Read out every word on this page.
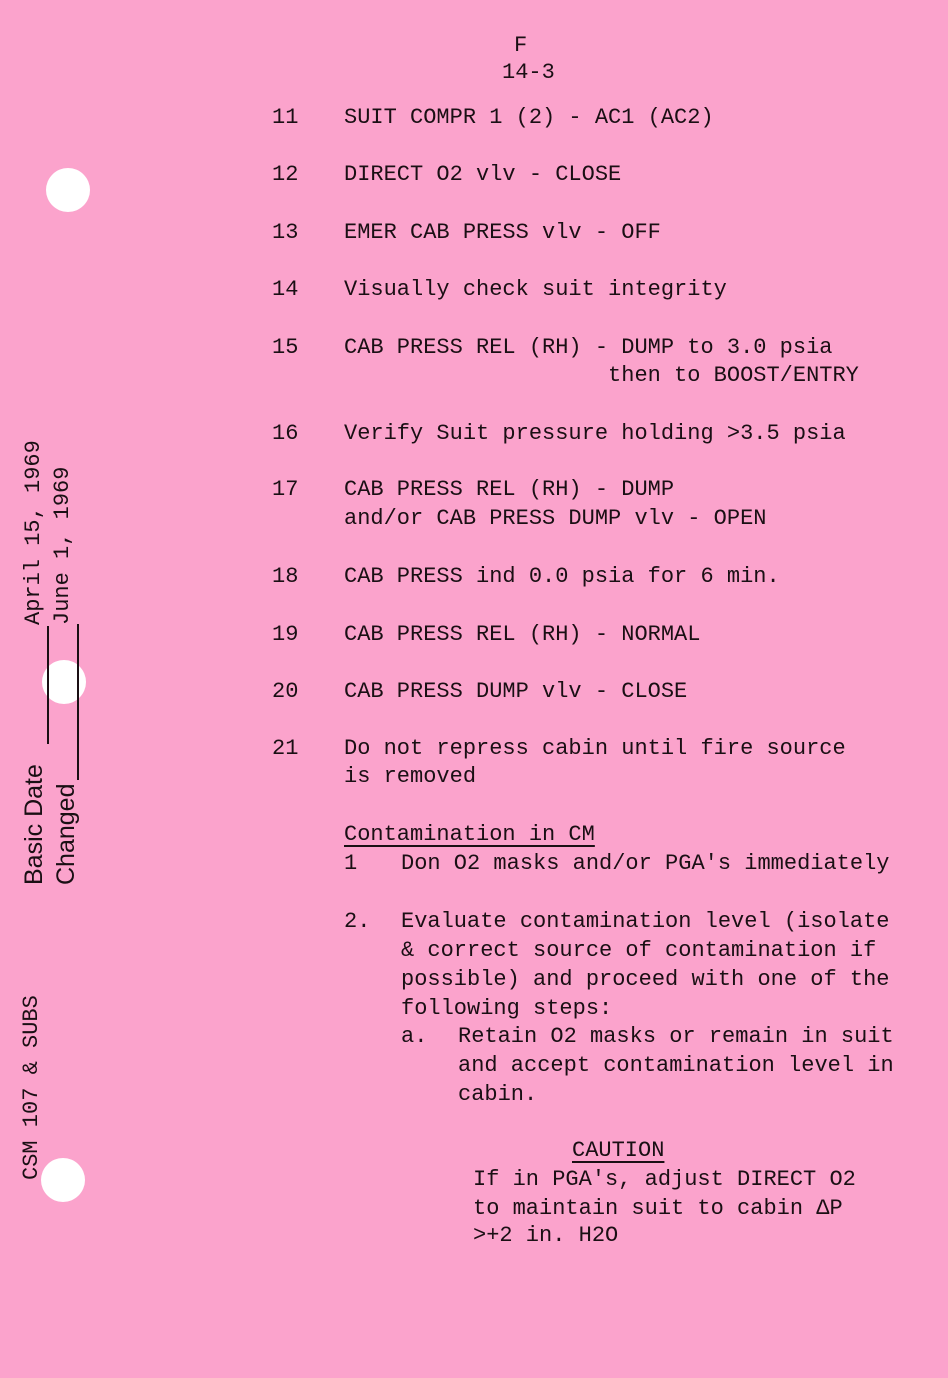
F
14-3
11 SUIT COMPR 1 (2) - AC1 (AC2)
12 DIRECT O2 vlv - CLOSE
13 EMER CAB PRESS vlv - OFF
14 Visually check suit integrity
15 CAB PRESS REL (RH) - DUMP to 3.0 psia
then to BOOST/ENTRY
16 Verify Suit pressure holding >3.5 psia
17 CAB PRESS REL (RH) - DUMP
and/or CAB PRESS DUMP vlv - OPEN
18 CAB PRESS ind 0.0 psia for 6 min.
19 CAB PRESS REL (RH) - NORMAL
20 CAB PRESS DUMP vlv - CLOSE
21 Do not repress cabin until fire source
is removed
Contamination in CM
1 Don O2 masks and/or PGA's immediately
2. Evaluate contamination level (isolate
& correct source of contamination if
possible) and proceed with one of the
following steps:
a. Retain O2 masks or remain in suit
and accept contamination level in
cabin.
CAUTION
If in PGA's, adjust DIRECT O2
to maintain suit to cabin ΔP
>+2 in. H2O
Basic Date
April 15, 1969
Changed
June 1, 1969
CSM 107 & SUBS
